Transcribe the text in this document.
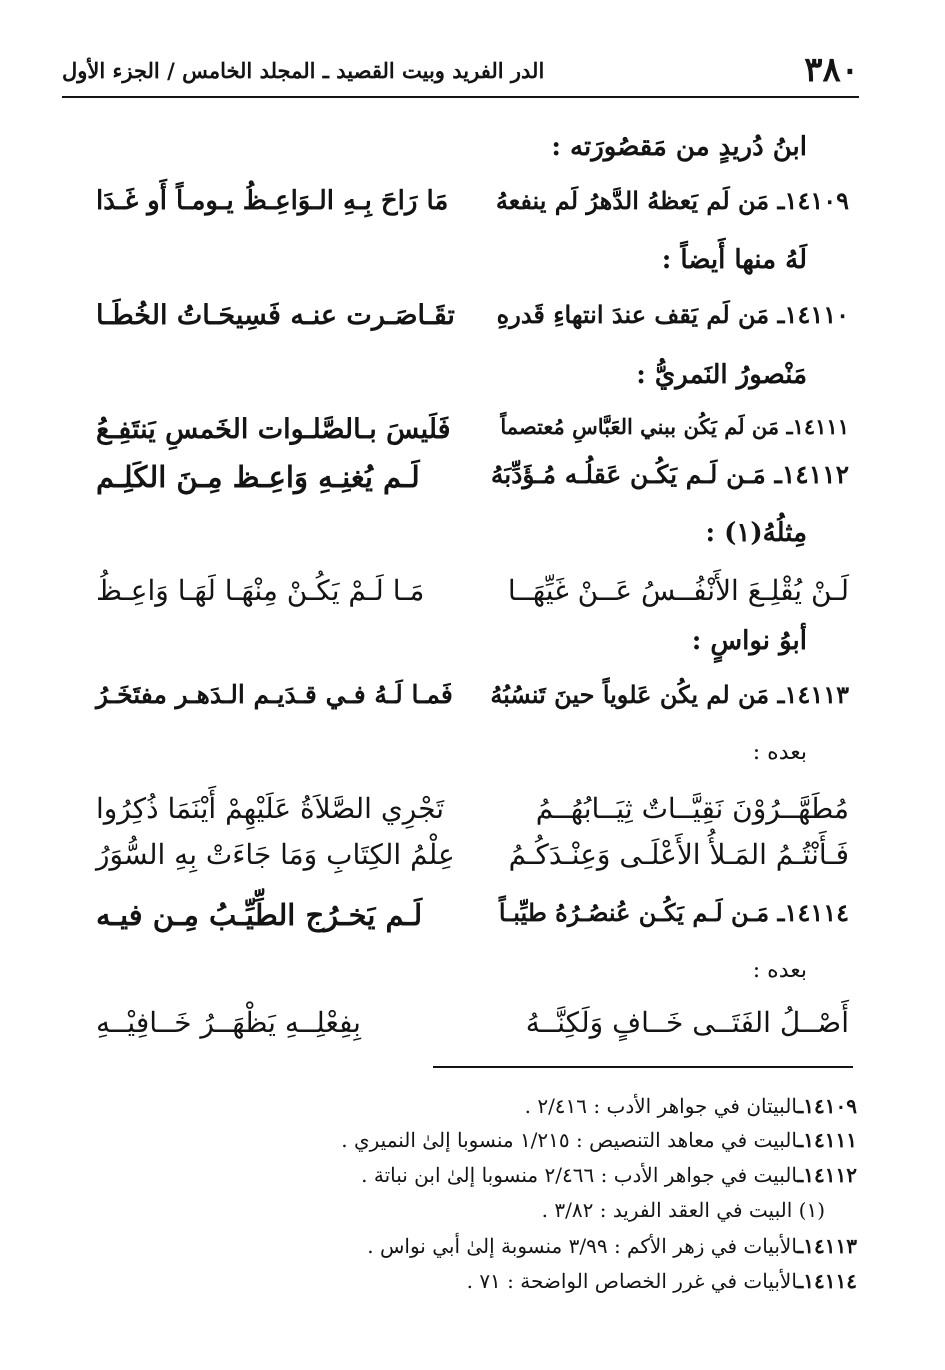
٣٨٠
الدر الفريد وبيت القصيد ـ المجلد الخامس / الجزء الأول
ابنُ دُريدٍ من مَقصُورَته :
١٤١٠٩ـ مَن لَم يَعظهُ الدَّهرُ لَم ينفعهُ
مَا رَاحَ بِـهِ الـوَاعِـظُ يـومـاً أَو غَـدَا
لَهُ منها أَيضاً :
١٤١١٠ـ مَن لَم يَقف عندَ انتهاءِ قَدرهِ
تقَـاصَـرت عنـه فَسِيحَـاتُ الخُطَـا
مَنْصورُ النَمريُّ :
١٤١١١ـ مَن لَم يَكُن ببني العَبَّاسِ مُعتصماً
فَلَيسَ بـالصَّلـوات الخَمسِ يَنتَفِـعُ
١٤١١٢ـ مَـن لَـم يَكُـن عَقلُـه مُـؤَدِّبَهُ
لَـم يُغنِـهِ وَاعِـظ مِـنَ الكَلِـم
مِثلُهُ(١) :
لَـنْ يُقْلِـعَ الأَنْفُــسُ عَــنْ غَيِّهَــا
مَـا لَـمْ يَكُـنْ مِنْهَـا لَهَـا وَاعِـظُ
أبوُ نواسٍ :
١٤١١٣ـ مَن لم يكُن عَلوياً حينَ تَنسُبُهُ
فَمـا لَـهُ فـي قـدَيـم الـدَهـر مفتَخَـرُ
بعده :
مُطَهَّــرُوْنَ نَقِيَّــاتٌ ثِيَــابُهُــمُ
تَجْرِي الصَّلاَةُ عَلَيْهِمْ أَيْنَمَا ذُكِرُوا
فَـأَنْتُـمُ المَـلأُ الأَعْلَـى وَعِنْـدَكُـمُ
عِلْمُ الكِتَابِ وَمَا جَاءَتْ بِهِ السُّوَرُ
١٤١١٤ـ مَـن لَـم يَكُـن عُنصُـرُهُ طيِّبـاً
لَـم يَخـرُج الطِّيِّـبُ مِـن فيـه
بعده :
أَصْــلُ الفَتَــى خَــافٍ وَلَكِنَّــهُ
بِفِعْلِــهِ يَظْهَــرُ خَــافِيْــهِ
١٤١٠٩ـالبيتان في جواهر الأدب : ٢/٤١٦ .
١٤١١١ـالبيت في معاهد التنصيص : ١/٢١٥ منسوبا إلىٰ النميري .
١٤١١٢ـالبيت في جواهر الأدب : ٢/٤٦٦ منسوبا إلىٰ ابن نباتة .
(١) البيت في العقد الفريد : ٣/٨٢ .
١٤١١٣ـالأبيات في زهر الأكم : ٣/٩٩ منسوبة إلىٰ أبي نواس .
١٤١١٤ـالأبيات في غرر الخصاص الواضحة : ٧١ .
